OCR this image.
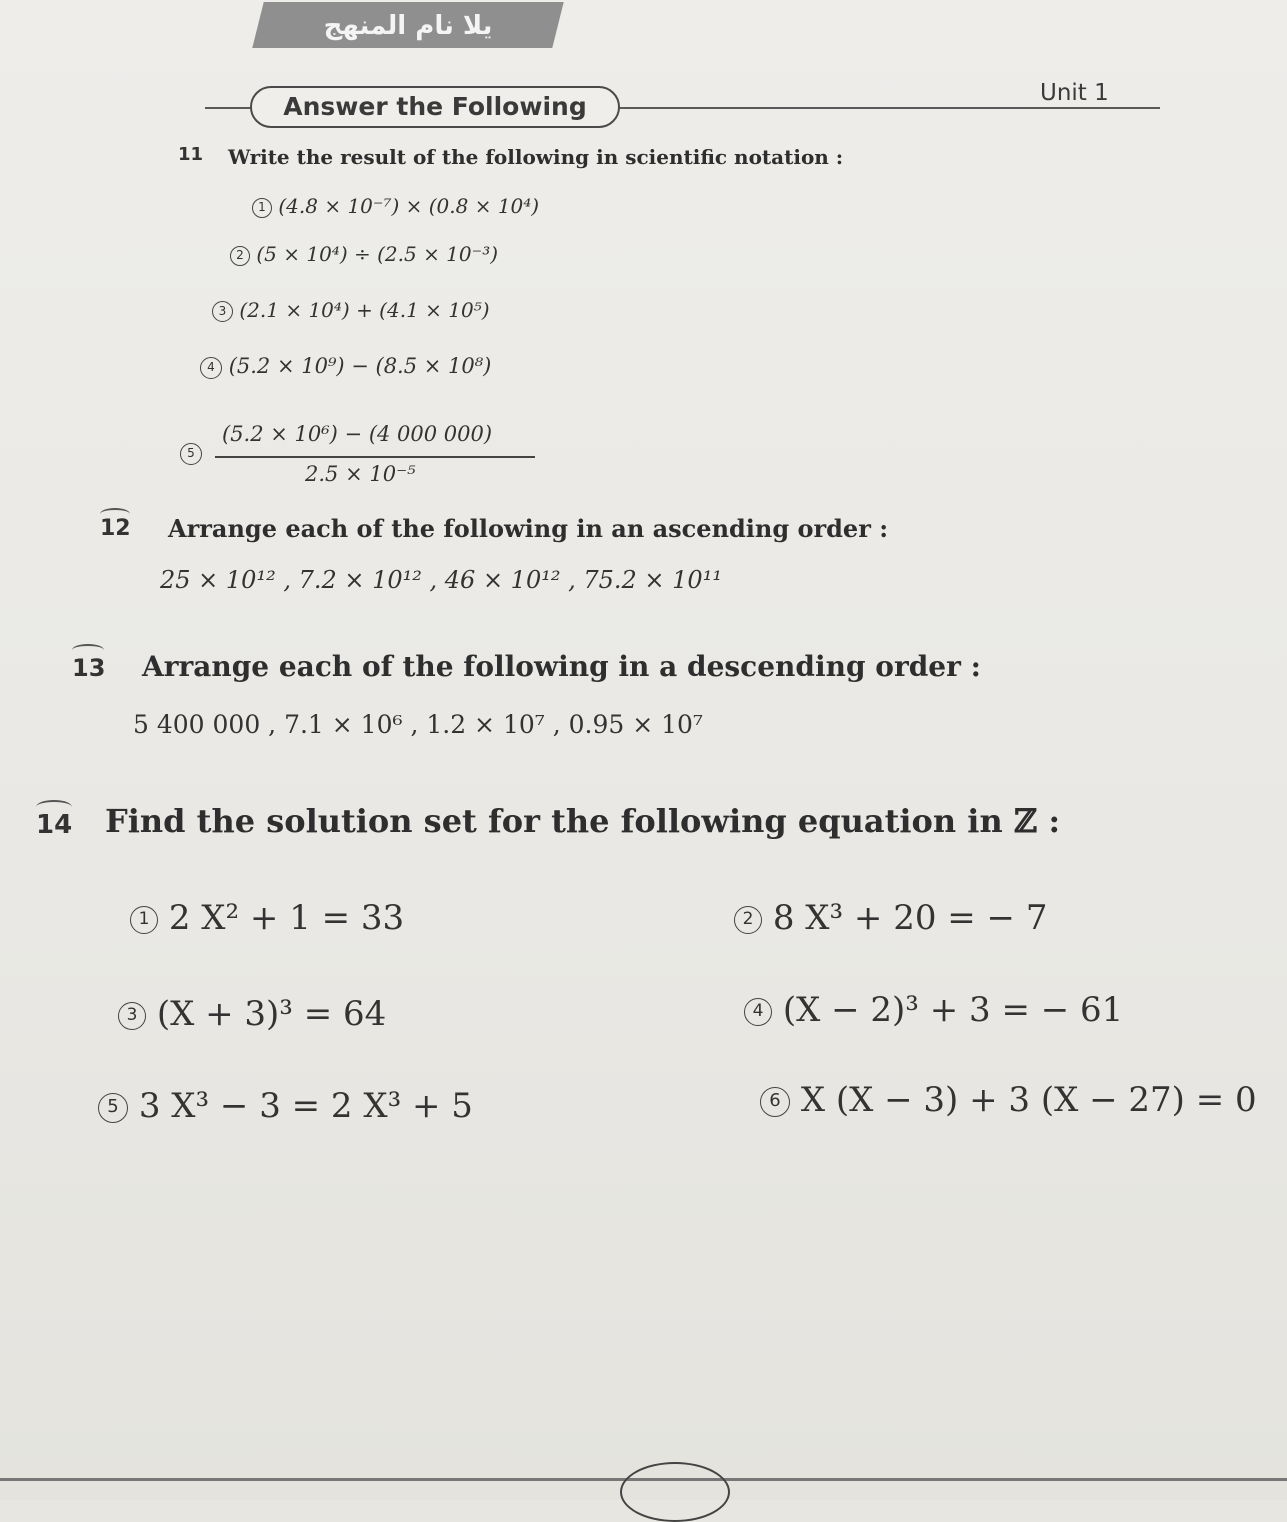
يلا نام المنهج
Answer the Following	Unit 1
11 Write the result of the following in scientific notation :
1 (4.8 × 10⁻⁷) × (0.8 × 10⁴)
2 (5 × 10⁴) ÷ (2.5 × 10⁻³)
3 (2.1 × 10⁴) + (4.1 × 10⁵)
4 (5.2 × 10⁹) − (8.5 × 10⁸)
5
(5.2 × 10⁶) − (4 000 000)
2.5 × 10⁻⁵
12 Arrange each of the following in an ascending order :
25 × 10¹² , 7.2 × 10¹² , 46 × 10¹² , 75.2 × 10¹¹
13 Arrange each of the following in a descending order :
5 400 000 , 7.1 × 10⁶ , 1.2 × 10⁷ , 0.95 × 10⁷
14 Find the solution set for the following equation in ℤ :
1 2 X² + 1 = 33	2 8 X³ + 20 = − 7
3 (X + 3)³ = 64	4 (X − 2)³ + 3 = − 61
5 3 X³ − 3 = 2 X³ + 5	6 X (X − 3) + 3 (X − 27) = 0
